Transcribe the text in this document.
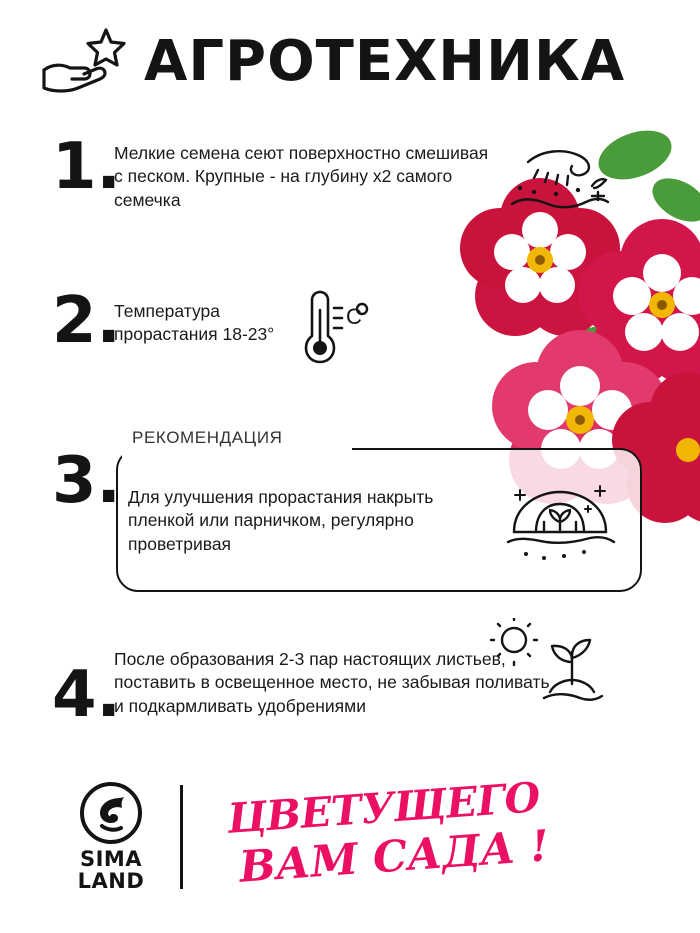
АГРОТЕХНИКА
1.
Мелкие семена сеют поверхностно смешивая с песком. Крупные - на глубину х2 самого семечка
2.
Температура прорастания 18-23°
C
РЕКОМЕНДАЦИЯ
3. Для улучшения прорастания накрыть пленкой или парничком, регулярно проветривая
4.
После образования 2-3 пар настоящих листьев, поставить в освещенное место, не забывая поливать и подкармливать удобрениями
SIMA
LAND
ЦВЕТУЩЕГО
ВАМ САДА !
